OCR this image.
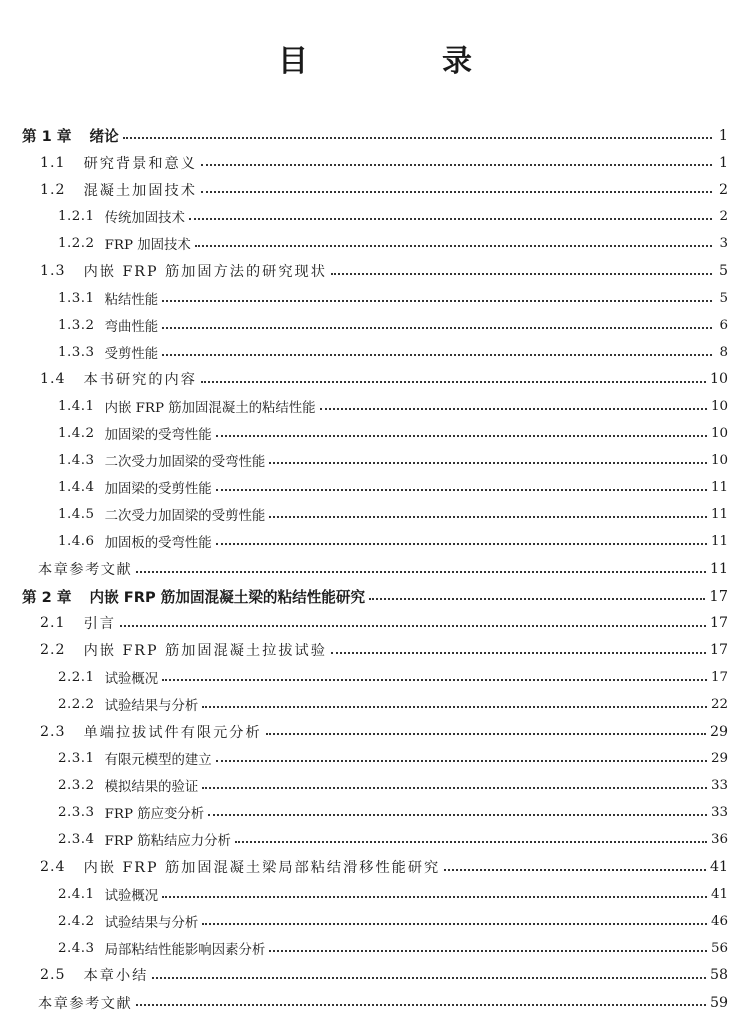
目　录
第 1 章 绪论	1
1.1 研究背景和意义	1
1.2 混凝土加固技术	2
1.2.1 传统加固技术	2
1.2.2 FRP 加固技术	3
1.3 内嵌 FRP 筋加固方法的研究现状	5
1.3.1 粘结性能	5
1.3.2 弯曲性能	6
1.3.3 受剪性能	8
1.4 本书研究的内容	10
1.4.1 内嵌 FRP 筋加固混凝土的粘结性能	10
1.4.2 加固梁的受弯性能	10
1.4.3 二次受力加固梁的受弯性能	10
1.4.4 加固梁的受剪性能	11
1.4.5 二次受力加固梁的受剪性能	11
1.4.6 加固板的受弯性能	11
本章参考文献	11
第 2 章 内嵌 FRP 筋加固混凝土梁的粘结性能研究	17
2.1 引言	17
2.2 内嵌 FRP 筋加固混凝土拉拔试验	17
2.2.1 试验概况	17
2.2.2 试验结果与分析	22
2.3 单端拉拔试件有限元分析	29
2.3.1 有限元模型的建立	29
2.3.2 模拟结果的验证	33
2.3.3 FRP 筋应变分析	33
2.3.4 FRP 筋粘结应力分析	36
2.4 内嵌 FRP 筋加固混凝土梁局部粘结滑移性能研究	41
2.4.1 试验概况	41
2.4.2 试验结果与分析	46
2.4.3 局部粘结性能影响因素分析	56
2.5 本章小结	58
本章参考文献	59
